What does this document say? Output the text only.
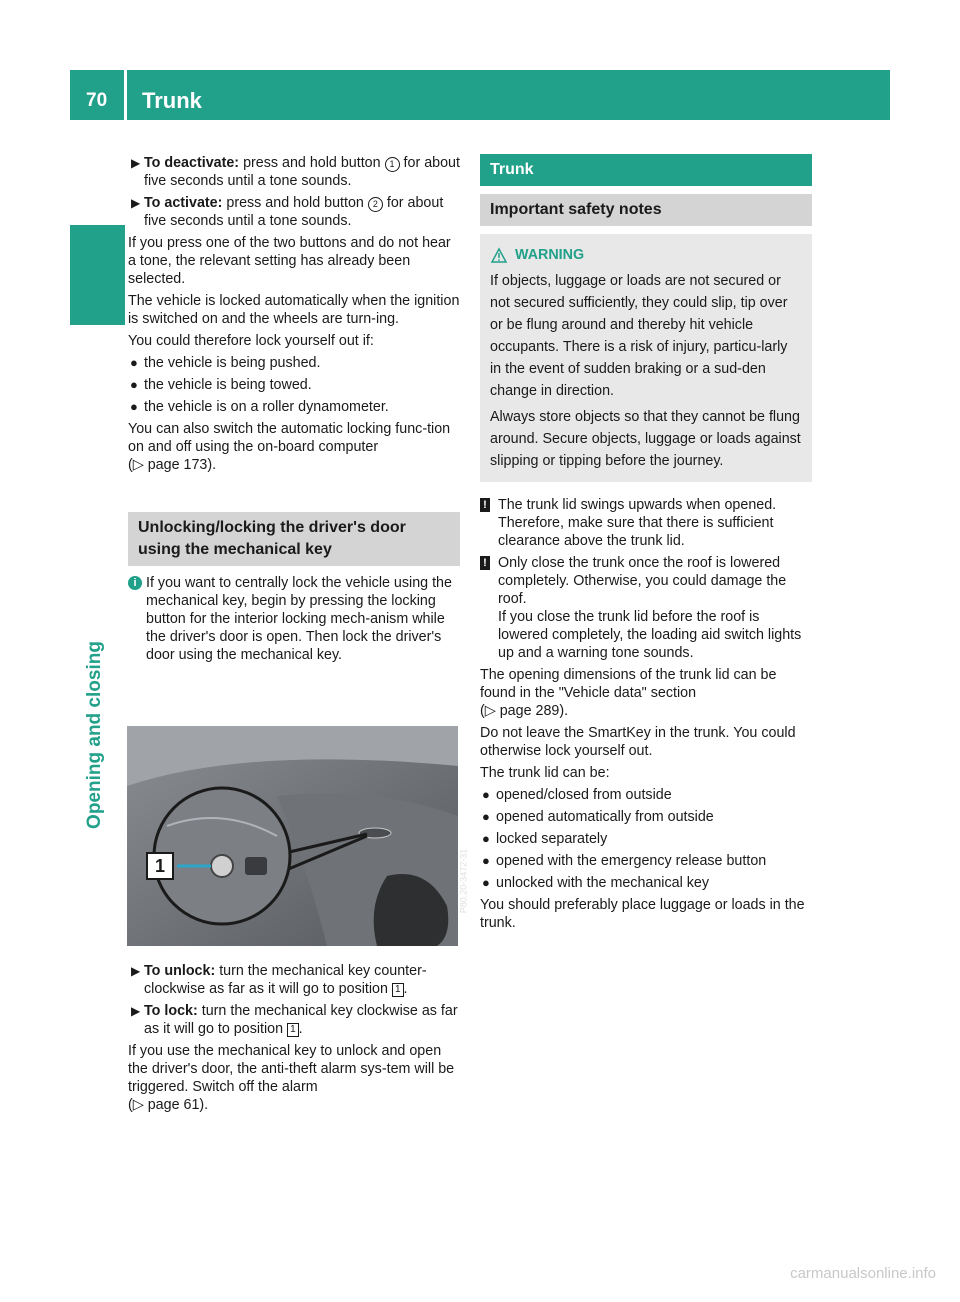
70 Trunk
Opening and closing
▶ To deactivate: press and hold button 1 for about five seconds until a tone sounds.
▶ To activate: press and hold button 2 for about five seconds until a tone sounds.

If you press one of the two buttons and do not hear a tone, the relevant setting has already been selected.

The vehicle is locked automatically when the ignition is switched on and the wheels are turn-ing.

You could therefore lock yourself out if:

● the vehicle is being pushed.
● the vehicle is being towed.
● the vehicle is on a roller dynamometer.

You can also switch the automatic locking func-tion on and off using the on-board computer
(▷ page 173).

Unlocking/locking the driver's door using the mechanical key
i If you want to centrally lock the vehicle using the mechanical key, begin by pressing the locking button for the interior locking mech-anism while the driver's door is open. Then lock the driver's door using the mechanical key.
1	P80.20-3472-31
▶ To unlock: turn the mechanical key counter-clockwise as far as it will go to position 1 .
▶ To lock: turn the mechanical key clockwise as far as it will go to position 1 .

If you use the mechanical key to unlock and open the driver's door, the anti-theft alarm sys-tem will be triggered. Switch off the alarm
(▷ page 61).

Trunk
Important safety notes
WARNING

If objects, luggage or loads are not secured or not secured sufficiently, they could slip, tip over or be flung around and thereby hit vehicle occupants. There is a risk of injury, particu-larly in the event of sudden braking or a sud-den change in direction.

Always store objects so that they cannot be flung around. Secure objects, luggage or loads against slipping or tipping before the journey.

! The trunk lid swings upwards when opened. Therefore, make sure that there is sufficient clearance above the trunk lid.
! Only close the trunk once the roof is lowered completely. Otherwise, you could damage the roof.
If you close the trunk lid before the roof is lowered completely, the loading aid switch lights up and a warning tone sounds.

The opening dimensions of the trunk lid can be found in the "Vehicle data" section
(▷ page 289).

Do not leave the SmartKey in the trunk. You could otherwise lock yourself out.

The trunk lid can be:

● opened/closed from outside
● opened automatically from outside
● locked separately
● opened with the emergency release button
● unlocked with the mechanical key

You should preferably place luggage or loads in the trunk.

carmanualsonline.info
